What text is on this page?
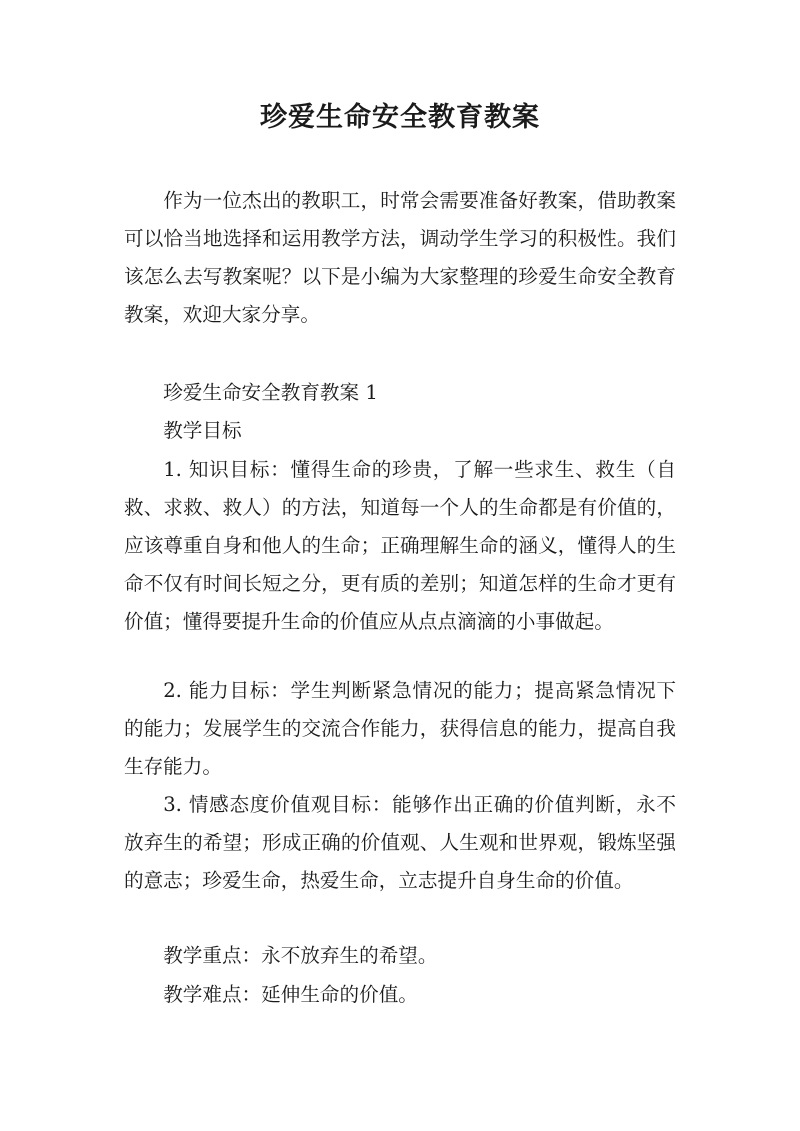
珍爱生命安全教育教案

作为一位杰出的教职工，时常会需要准备好教案，借助教案可以恰当地选择和运用教学方法，调动学生学习的积极性。我们该怎么去写教案呢？以下是小编为大家整理的珍爱生命安全教育教案，欢迎大家分享。

珍爱生命安全教育教案 1

教学目标

1. 知识目标：懂得生命的珍贵，了解一些求生、救生（自救、求救、救人）的方法，知道每一个人的生命都是有价值的，应该尊重自身和他人的生命；正确理解生命的涵义，懂得人的生命不仅有时间长短之分，更有质的差别；知道怎样的生命才更有价值；懂得要提升生命的价值应从点点滴滴的小事做起。

2. 能力目标：学生判断紧急情况的能力；提高紧急情况下的能力；发展学生的交流合作能力，获得信息的能力，提高自我生存能力。

3. 情感态度价值观目标：能够作出正确的价值判断，永不放弃生的希望；形成正确的价值观、人生观和世界观，锻炼坚强的意志；珍爱生命，热爱生命，立志提升自身生命的价值。

教学重点：永不放弃生的希望。

教学难点：延伸生命的价值。
